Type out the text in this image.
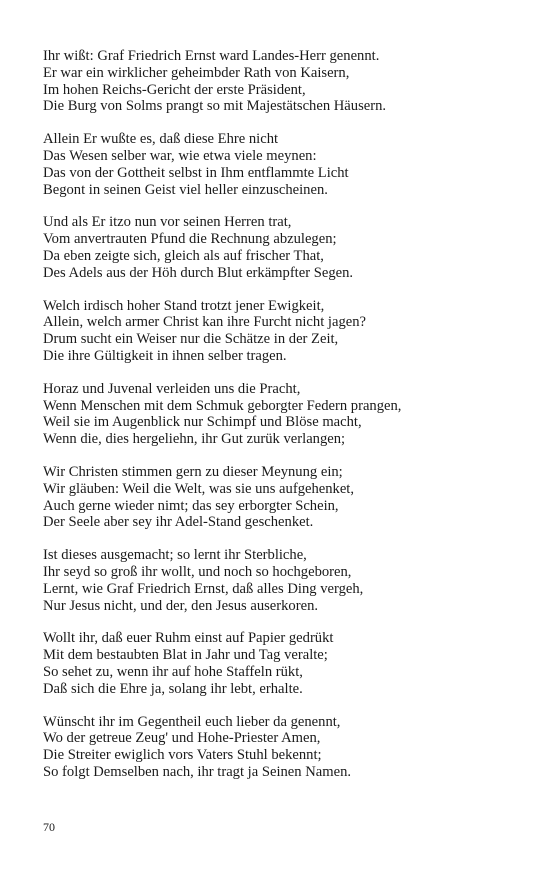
Ihr wißt: Graf Friedrich Ernst ward Landes-Herr genennt.
Er war ein wirklicher geheimbder Rath von Kaisern,
Im hohen Reichs-Gericht der erste Präsident,
Die Burg von Solms prangt so mit Majestätschen Häusern.
Allein Er wußte es, daß diese Ehre nicht
Das Wesen selber war, wie etwa viele meynen:
Das von der Gottheit selbst in Ihm entflammte Licht
Begont in seinen Geist viel heller einzuscheinen.
Und als Er itzo nun vor seinen Herren trat,
Vom anvertrauten Pfund die Rechnung abzulegen;
Da eben zeigte sich, gleich als auf frischer That,
Des Adels aus der Höh durch Blut erkämpfter Segen.
Welch irdisch hoher Stand trotzt jener Ewigkeit,
Allein, welch armer Christ kan ihre Furcht nicht jagen?
Drum sucht ein Weiser nur die Schätze in der Zeit,
Die ihre Gültigkeit in ihnen selber tragen.
Horaz und Juvenal verleiden uns die Pracht,
Wenn Menschen mit dem Schmuk geborgter Federn prangen,
Weil sie im Augenblick nur Schimpf und Blöse macht,
Wenn die, dies hergeliehn, ihr Gut zurük verlangen;
Wir Christen stimmen gern zu dieser Meynung ein;
Wir gläuben: Weil die Welt, was sie uns aufgehenket,
Auch gerne wieder nimt; das sey erborgter Schein,
Der Seele aber sey ihr Adel-Stand geschenket.
Ist dieses ausgemacht; so lernt ihr Sterbliche,
Ihr seyd so groß ihr wollt, und noch so hochgeboren,
Lernt, wie Graf Friedrich Ernst, daß alles Ding vergeh,
Nur Jesus nicht, und der, den Jesus auserkoren.
Wollt ihr, daß euer Ruhm einst auf Papier gedrükt
Mit dem bestaubten Blat in Jahr und Tag veralte;
So sehet zu, wenn ihr auf hohe Staffeln rükt,
Daß sich die Ehre ja, solang ihr lebt, erhalte.
Wünscht ihr im Gegentheil euch lieber da genennt,
Wo der getreue Zeug' und Hohe-Priester Amen,
Die Streiter ewiglich vors Vaters Stuhl bekennt;
So folgt Demselben nach, ihr tragt ja Seinen Namen.
70
